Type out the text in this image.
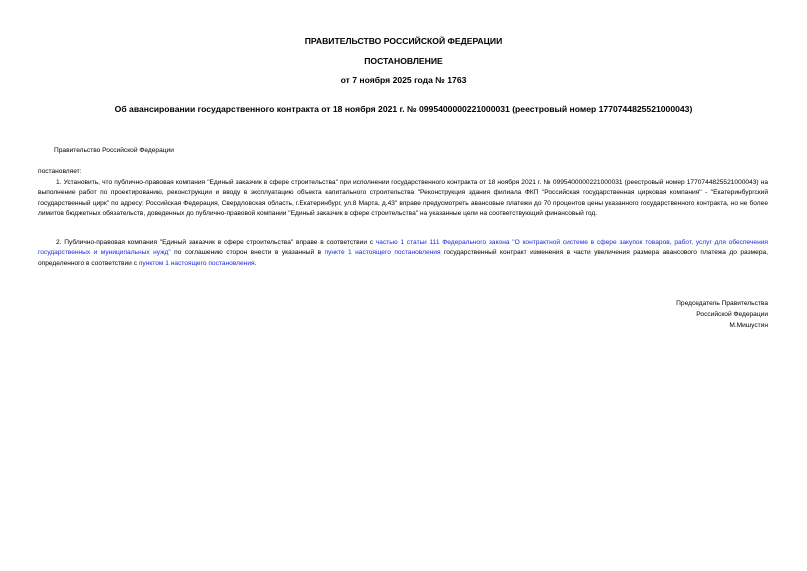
ПРАВИТЕЛЬСТВО РОССИЙСКОЙ ФЕДЕРАЦИИ
ПОСТАНОВЛЕНИЕ
от 7 ноября 2025 года № 1763
Об авансировании государственного контракта от 18 ноября 2021 г. № 0995400000221000031 (реестровый номер 1770744825521000043)
Правительство Российской Федерации
постановляет:
1. Установить, что публично-правовая компания "Единый заказчик в сфере строительства" при исполнении государственного контракта от 18 ноября 2021 г. № 0995400000221000031 (реестровый номер 1770744825521000043) на выполнение работ по проектированию, реконструкции и вводу в эксплуатацию объекта капитального строительства "Реконструкция здания филиала ФКП "Российская государственная цирковая компания" - "Екатеринбургский государственный цирк" по адресу: Российская Федерация, Свердловская область, г.Екатеринбург, ул.8 Марта, д.43" вправе предусмотреть авансовые платежи до 70 процентов цены указанного государственного контракта, но не более лимитов бюджетных обязательств, доведенных до публично-правовой компании "Единый заказчик в сфере строительства" на указанные цели на соответствующий финансовый год.
2. Публично-правовая компания "Единый заказчик в сфере строительства" вправе в соответствии с частью 1 статьи 111 Федерального закона "О контрактной системе в сфере закупок товаров, работ, услуг для обеспечения государственных и муниципальных нужд" по соглашению сторон внести в указанный в пункте 1 настоящего постановления государственный контракт изменения в части увеличения размера авансового платежа до размера, определенного в соответствии с пунктом 1 настоящего постановления.
Председатель Правительства
Российской Федерации
М.Мишустин
